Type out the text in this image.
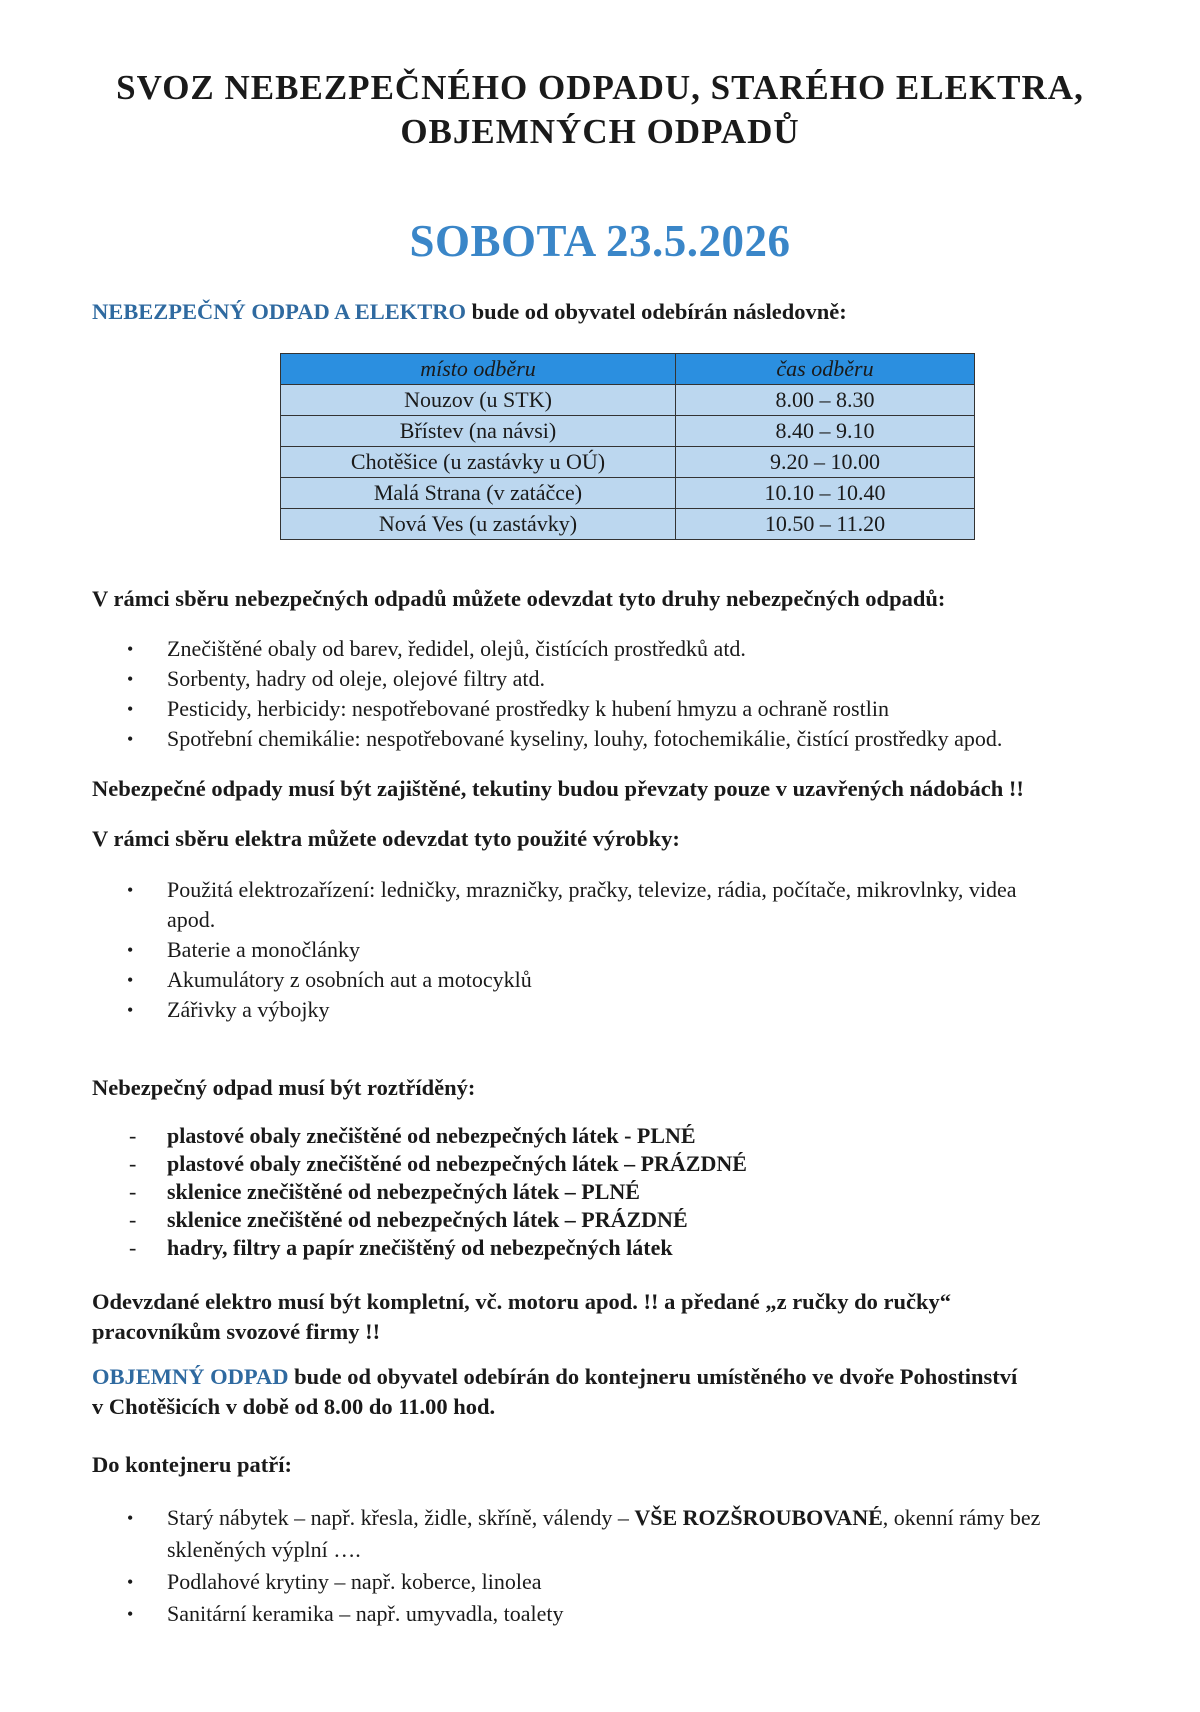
SVOZ NEBEZPEČNÉHO ODPADU, STARÉHO ELEKTRA,
OBJEMNÝCH ODPADŮ
SOBOTA 23.5.2026
NEBEZPEČNÝ ODPAD A ELEKTRO bude od obyvatel odebírán následovně:
místo odběru	čas odběru
Nouzov (u STK)	8.00 – 8.30
Břístev (na návsi)	8.40 – 9.10
Chotěšice (u zastávky u OÚ)	9.20 – 10.00
Malá Strana (v zatáčce)	10.10 – 10.40
Nová Ves (u zastávky)	10.50 – 11.20
V rámci sběru nebezpečných odpadů můžete odevzdat tyto druhy nebezpečných odpadů:
• Znečištěné obaly od barev, ředidel, olejů, čistících prostředků atd.
• Sorbenty, hadry od oleje, olejové filtry atd.
• Pesticidy, herbicidy: nespotřebované prostředky k hubení hmyzu a ochraně rostlin
• Spotřební chemikálie: nespotřebované kyseliny, louhy, fotochemikálie, čistící prostředky apod.
Nebezpečné odpady musí být zajištěné, tekutiny budou převzaty pouze v uzavřených nádobách !!
V rámci sběru elektra můžete odevzdat tyto použité výrobky:
• Použitá elektrozařízení: ledničky, mrazničky, pračky, televize, rádia, počítače, mikrovlnky, videa
apod.
• Baterie a monočlánky
• Akumulátory z osobních aut a motocyklů
• Zářivky a výbojky
Nebezpečný odpad musí být roztříděný:
- plastové obaly znečištěné od nebezpečných látek - PLNÉ
- plastové obaly znečištěné od nebezpečných látek – PRÁZDNÉ
- sklenice znečištěné od nebezpečných látek – PLNÉ
- sklenice znečištěné od nebezpečných látek – PRÁZDNÉ
- hadry, filtry a papír znečištěný od nebezpečných látek
Odevzdané elektro musí být kompletní, vč. motoru apod. !! a předané „z ručky do ručky“
pracovníkům svozové firmy !!
OBJEMNÝ ODPAD bude od obyvatel odebírán do kontejneru umístěného ve dvoře Pohostinství
v Chotěšicích v době od 8.00 do 11.00 hod.
Do kontejneru patří:
• Starý nábytek – např. křesla, židle, skříně, válendy – VŠE ROZŠROUBOVANÉ, okenní rámy bez
skleněných výplní ….
• Podlahové krytiny – např. koberce, linolea
• Sanitární keramika – např. umyvadla, toalety
